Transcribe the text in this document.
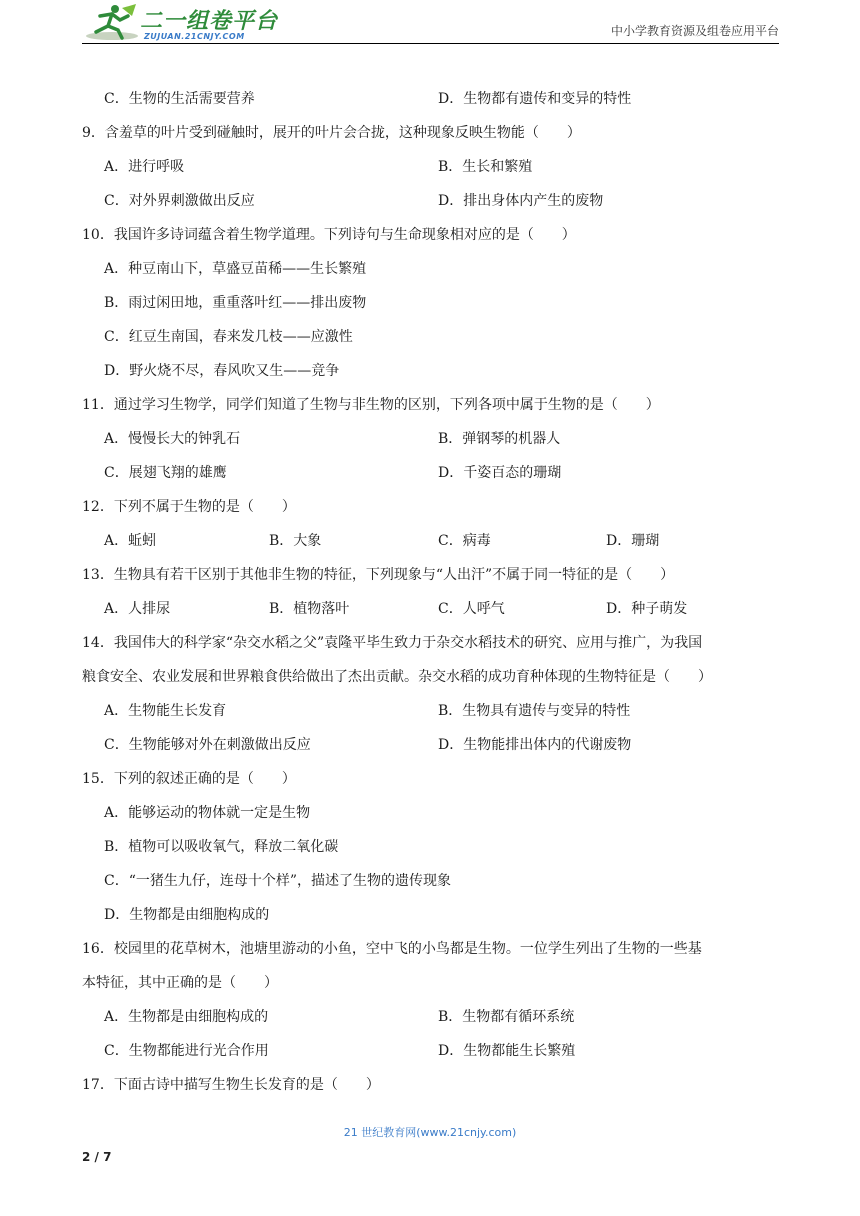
二一组卷平台
ZUJUAN.21CNJY.COM	中小学教育资源及组卷应用平台
C．生物的生活需要营养	D．生物都有遗传和变异的特性
9．含羞草的叶片受到碰触时，展开的叶片会合拢，这种现象反映生物能（　　）
A．进行呼吸	B．生长和繁殖
C．对外界刺激做出反应	D．排出身体内产生的废物
10．我国许多诗词蕴含着生物学道理。下列诗句与生命现象相对应的是（　　）
A．种豆南山下，草盛豆苗稀——生长繁殖
B．雨过闲田地，重重落叶红——排出废物
C．红豆生南国，春来发几枝——应激性
D．野火烧不尽，春风吹又生——竞争
11．通过学习生物学，同学们知道了生物与非生物的区别，下列各项中属于生物的是（　　）
A．慢慢长大的钟乳石	B．弹钢琴的机器人
C．展翅飞翔的雄鹰	D．千姿百态的珊瑚
12．下列不属于生物的是（　　）
A．蚯蚓	B．大象	C．病毒	D．珊瑚
13．生物具有若干区别于其他非生物的特征，下列现象与“人出汗”不属于同一特征的是（　　）
A．人排尿	B．植物落叶	C．人呼气	D．种子萌发
14．我国伟大的科学家“杂交水稻之父”袁隆平毕生致力于杂交水稻技术的研究、应用与推广，为我国
粮食安全、农业发展和世界粮食供给做出了杰出贡献。杂交水稻的成功育种体现的生物特征是（　　）
A．生物能生长发育	B．生物具有遗传与变异的特性
C．生物能够对外在刺激做出反应	D．生物能排出体内的代谢废物
15．下列的叙述正确的是（　　）
A．能够运动的物体就一定是生物
B．植物可以吸收氧气，释放二氧化碳
C．“一猪生九仔，连母十个样”，描述了生物的遗传现象
D．生物都是由细胞构成的
16．校园里的花草树木，池塘里游动的小鱼，空中飞的小鸟都是生物。一位学生列出了生物的一些基
本特征，其中正确的是（　　）
A．生物都是由细胞构成的	B．生物都有循环系统
C．生物都能进行光合作用	D．生物都能生长繁殖
17．下面古诗中描写生物生长发育的是（　　）
21 世纪教育网(www.21cnjy.com)
2 / 7
